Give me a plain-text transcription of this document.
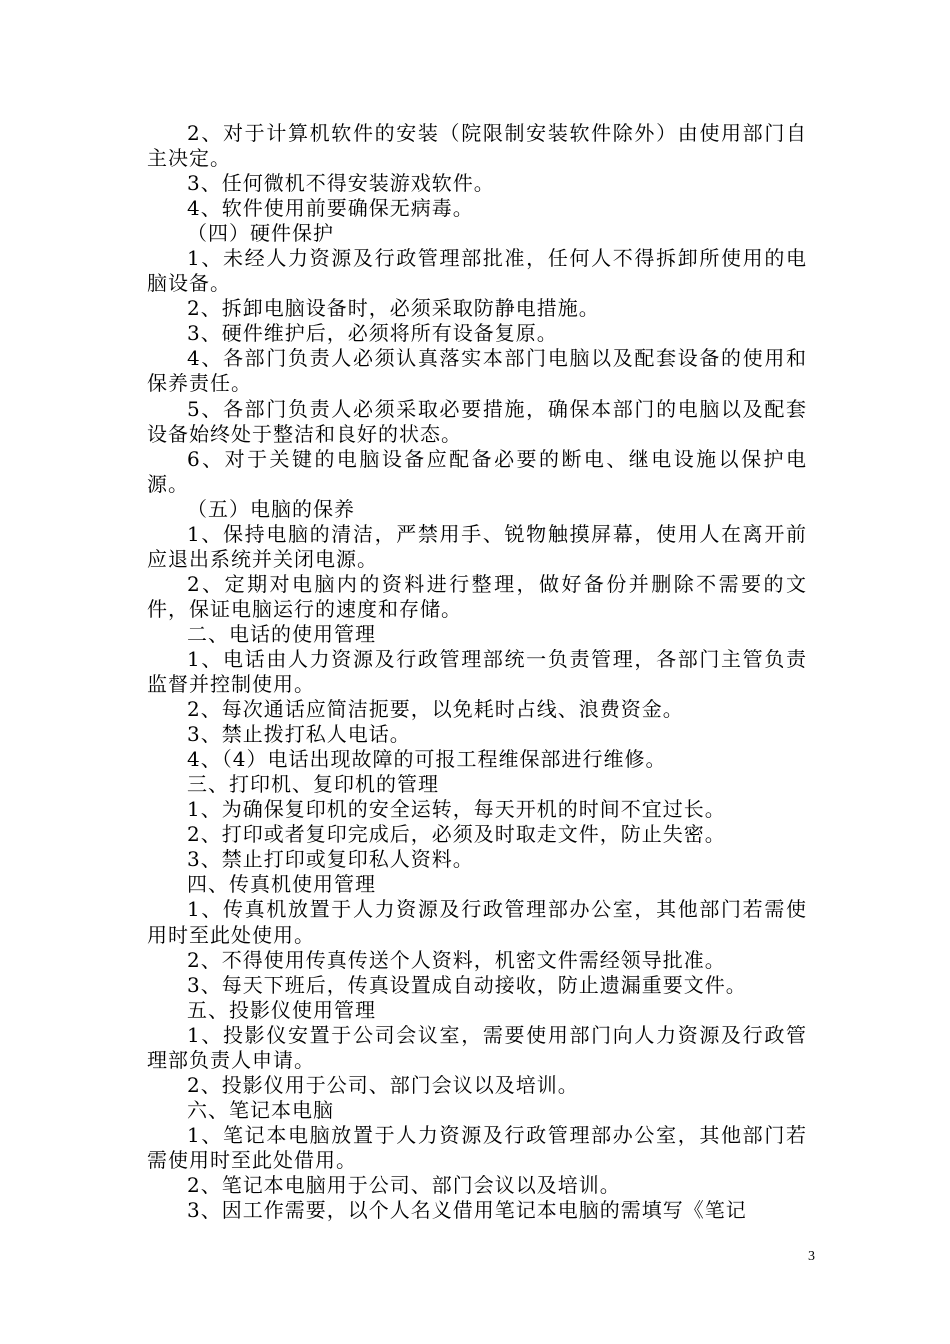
2、对于计算机软件的安装（院限制安装软件除外）由使用部门自主决定。

3、任何微机不得安装游戏软件。

4、软件使用前要确保无病毒。

（四）硬件保护

1、未经人力资源及行政管理部批准，任何人不得拆卸所使用的电脑设备。

2、拆卸电脑设备时，必须采取防静电措施。

3、硬件维护后，必须将所有设备复原。

4、各部门负责人必须认真落实本部门电脑以及配套设备的使用和保养责任。

5、各部门负责人必须采取必要措施，确保本部门的电脑以及配套设备始终处于整洁和良好的状态。

6、对于关键的电脑设备应配备必要的断电、继电设施以保护电源。

（五）电脑的保养

1、保持电脑的清洁，严禁用手、锐物触摸屏幕，使用人在离开前应退出系统并关闭电源。

2、定期对电脑内的资料进行整理，做好备份并删除不需要的文件，保证电脑运行的速度和存储。

二、电话的使用管理

1、电话由人力资源及行政管理部统一负责管理，各部门主管负责监督并控制使用。

2、每次通话应简洁扼要，以免耗时占线、浪费资金。

3、禁止拨打私人电话。

4、（4）电话出现故障的可报工程维保部进行维修。

三、打印机、复印机的管理

1、为确保复印机的安全运转，每天开机的时间不宜过长。

2、打印或者复印完成后，必须及时取走文件，防止失密。

3、禁止打印或复印私人资料。

四、传真机使用管理

1、传真机放置于人力资源及行政管理部办公室，其他部门若需使用时至此处使用。

2、不得使用传真传送个人资料，机密文件需经领导批准。

3、每天下班后，传真设置成自动接收，防止遗漏重要文件。

五、投影仪使用管理

1、投影仪安置于公司会议室，需要使用部门向人力资源及行政管理部负责人申请。

2、投影仪用于公司、部门会议以及培训。

六、笔记本电脑

1、笔记本电脑放置于人力资源及行政管理部办公室，其他部门若需使用时至此处借用。

2、笔记本电脑用于公司、部门会议以及培训。

3、因工作需要，以个人名义借用笔记本电脑的需填写《笔记

3
